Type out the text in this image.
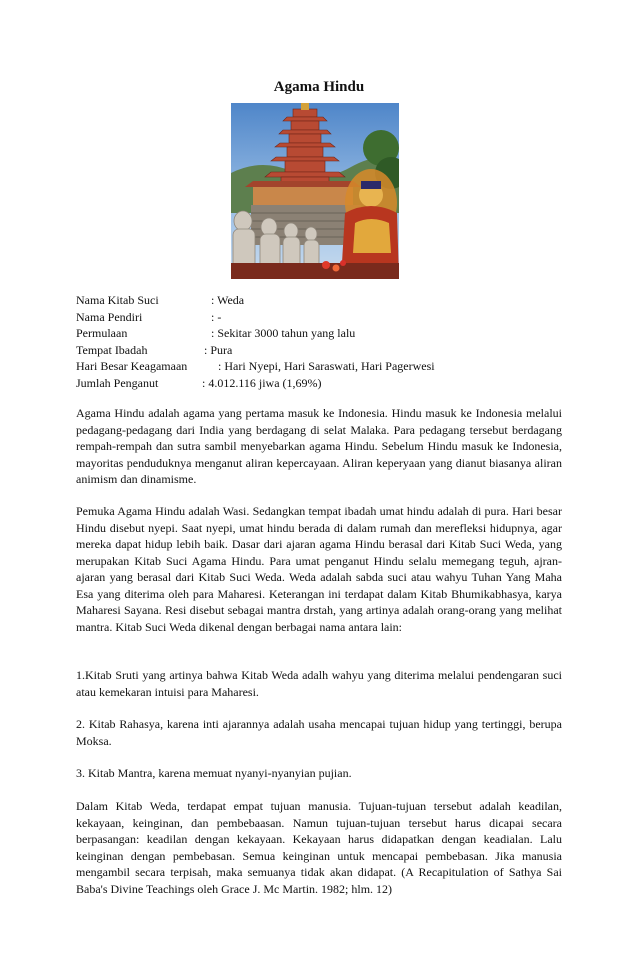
Agama Hindu
Nama Kitab Suci	: Weda
Nama Pendiri	: -
Permulaan	: Sekitar 3000 tahun yang lalu
Tempat Ibadah	: Pura
Hari Besar Keagamaan	: Hari Nyepi, Hari Saraswati, Hari Pagerwesi
Jumlah Penganut	: 4.012.116 jiwa (1,69%)

Agama Hindu adalah agama yang pertama masuk ke Indonesia. Hindu masuk ke Indonesia melalui pedagang-pedagang dari India yang berdagang di selat Malaka. Para pedagang tersebut berdagang rempah-rempah dan sutra sambil menyebarkan agama Hindu. Sebelum Hindu masuk ke Indonesia, mayoritas penduduknya menganut aliran kepercayaan. Aliran keperyaan yang dianut biasanya aliran animism dan dinamisme.

Pemuka Agama Hindu adalah Wasi. Sedangkan tempat ibadah umat hindu adalah di pura. Hari besar Hindu disebut nyepi. Saat nyepi, umat hindu berada di dalam rumah dan merefleksi hidupnya, agar mereka dapat hidup lebih baik. Dasar dari ajaran agama Hindu berasal dari Kitab Suci Weda, yang merupakan Kitab Suci Agama Hindu. Para umat penganut Hindu selalu memegang teguh, ajran-ajaran yang berasal dari Kitab Suci Weda. Weda adalah sabda suci atau wahyu Tuhan Yang Maha Esa yang diterima oleh para Maharesi. Keterangan ini terdapat dalam Kitab Bhumikabhasya, karya Maharesi Sayana. Resi disebut sebagai mantra drstah, yang artinya adalah orang-orang yang melihat mantra. Kitab Suci Weda dikenal dengan berbagai nama antara lain:

1.Kitab Sruti yang artinya bahwa Kitab Weda adalh wahyu yang diterima melalui pendengaran suci atau kemekaran intuisi para Maharesi.

2. Kitab Rahasya, karena inti ajarannya adalah usaha mencapai tujuan hidup yang tertinggi, berupa Moksa.

3. Kitab Mantra, karena memuat nyanyi-nyanyian pujian.

Dalam Kitab Weda, terdapat empat tujuan manusia. Tujuan-tujuan tersebut adalah keadilan, kekayaan, keinginan, dan pembebaasan. Namun tujuan-tujuan tersebut harus dicapai secara berpasangan: keadilan dengan kekayaan. Kekayaan harus didapatkan dengan keadialan. Lalu keinginan dengan pembebasan. Semua keinginan untuk mencapai pembebasan. Jika manusia mengambil secara terpisah, maka semuanya tidak akan didapat. (A Recapitulation of Sathya Sai Baba's Divine Teachings oleh Grace J. Mc Martin. 1982; hlm. 12)
